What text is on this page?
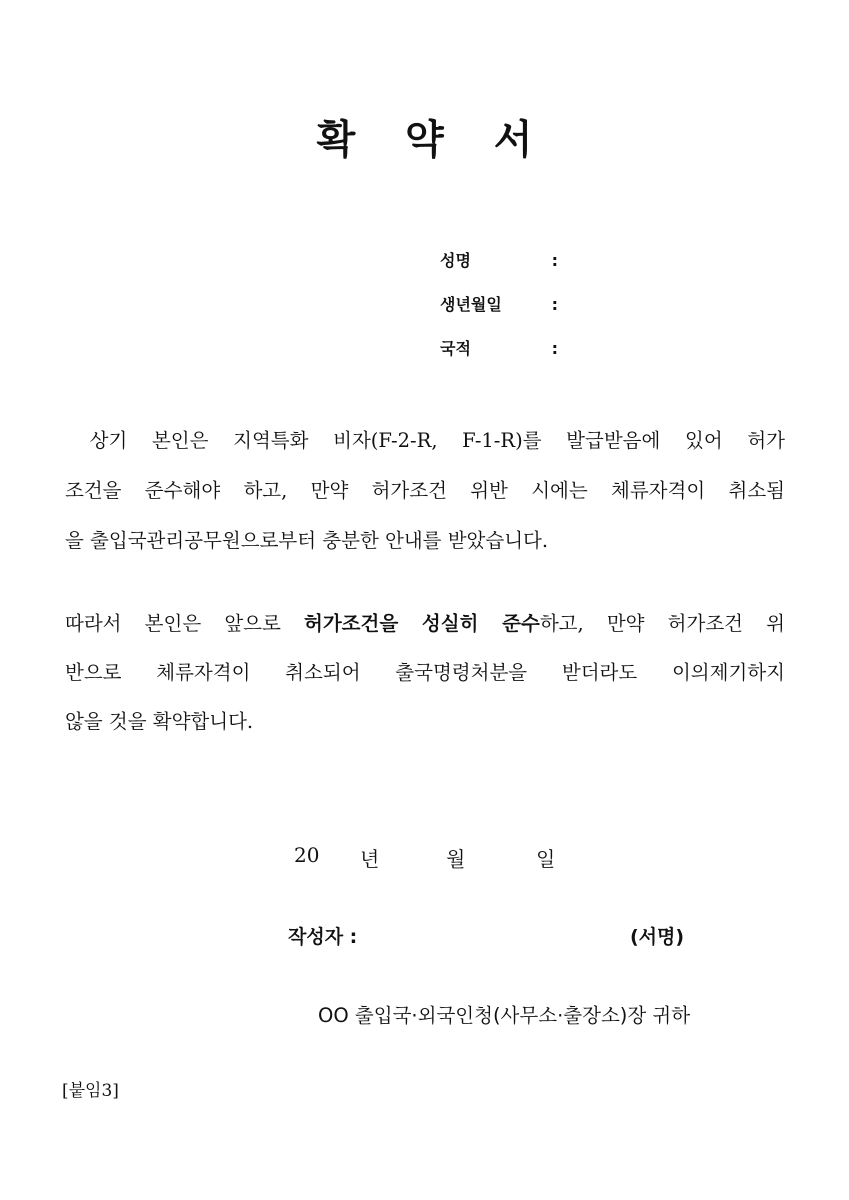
확 약 서
성명	:
생년월일	:
국적	:
상기 본인은 지역특화 비자(F-2-R, F-1-R)를 발급받음에 있어 허가
조건을 준수해야 하고, 만약 허가조건 위반 시에는 체류자격이 취소됨
을 출입국관리공무원으로부터 충분한 안내를 받았습니다.
따라서 본인은 앞으로 허가조건을 성실히 준수하고, 만약 허가조건 위
반으로 체류자격이 취소되어 출국명령처분을 받더라도 이의제기하지
않을 것을 확약합니다.
20 년	월	일
작성자 :	(서명)
OO 출입국·외국인청(사무소·출장소)장 귀하
[붙임3]
